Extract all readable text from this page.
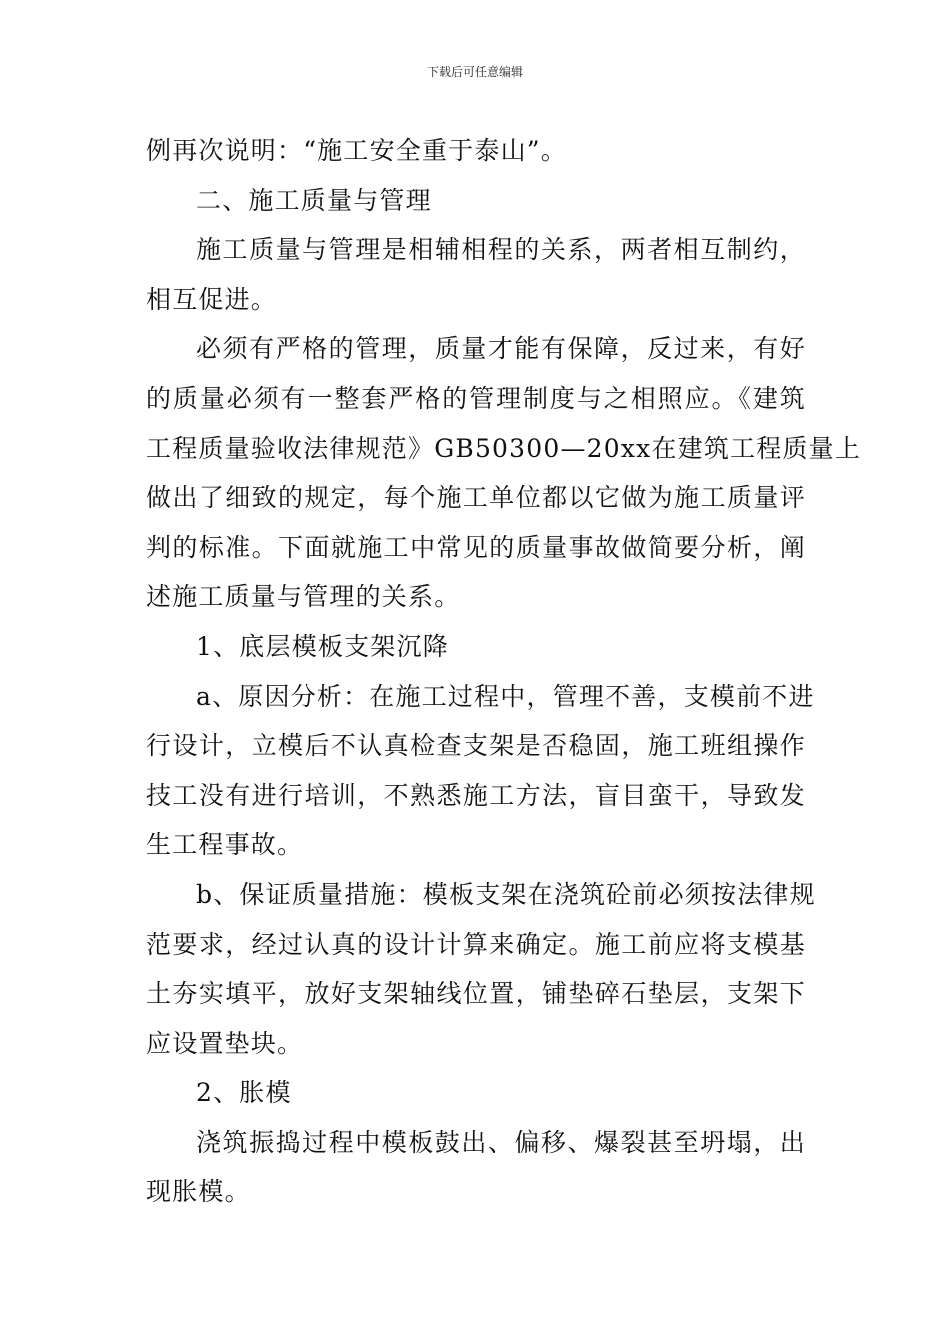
下载后可任意编辑
例再次说明：“施工安全重于泰山”。
二、施工质量与管理
施工质量与管理是相辅相程的关系，两者相互制约，
相互促进。
必须有严格的管理，质量才能有保障，反过来，有好
的质量必须有一整套严格的管理制度与之相照应。《建筑
工程质量验收法律规范》GB50300—20xx在建筑工程质量上
做出了细致的规定，每个施工单位都以它做为施工质量评
判的标准。下面就施工中常见的质量事故做简要分析，阐
述施工质量与管理的关系。
1、底层模板支架沉降
a、原因分析：在施工过程中，管理不善，支模前不进
行设计，立模后不认真检查支架是否稳固，施工班组操作
技工没有进行培训，不熟悉施工方法，盲目蛮干，导致发
生工程事故。
b、保证质量措施：模板支架在浇筑砼前必须按法律规
范要求，经过认真的设计计算来确定。施工前应将支模基
土夯实填平，放好支架轴线位置，铺垫碎石垫层，支架下
应设置垫块。
2、胀模
浇筑振捣过程中模板鼓出、偏移、爆裂甚至坍塌，出
现胀模。
